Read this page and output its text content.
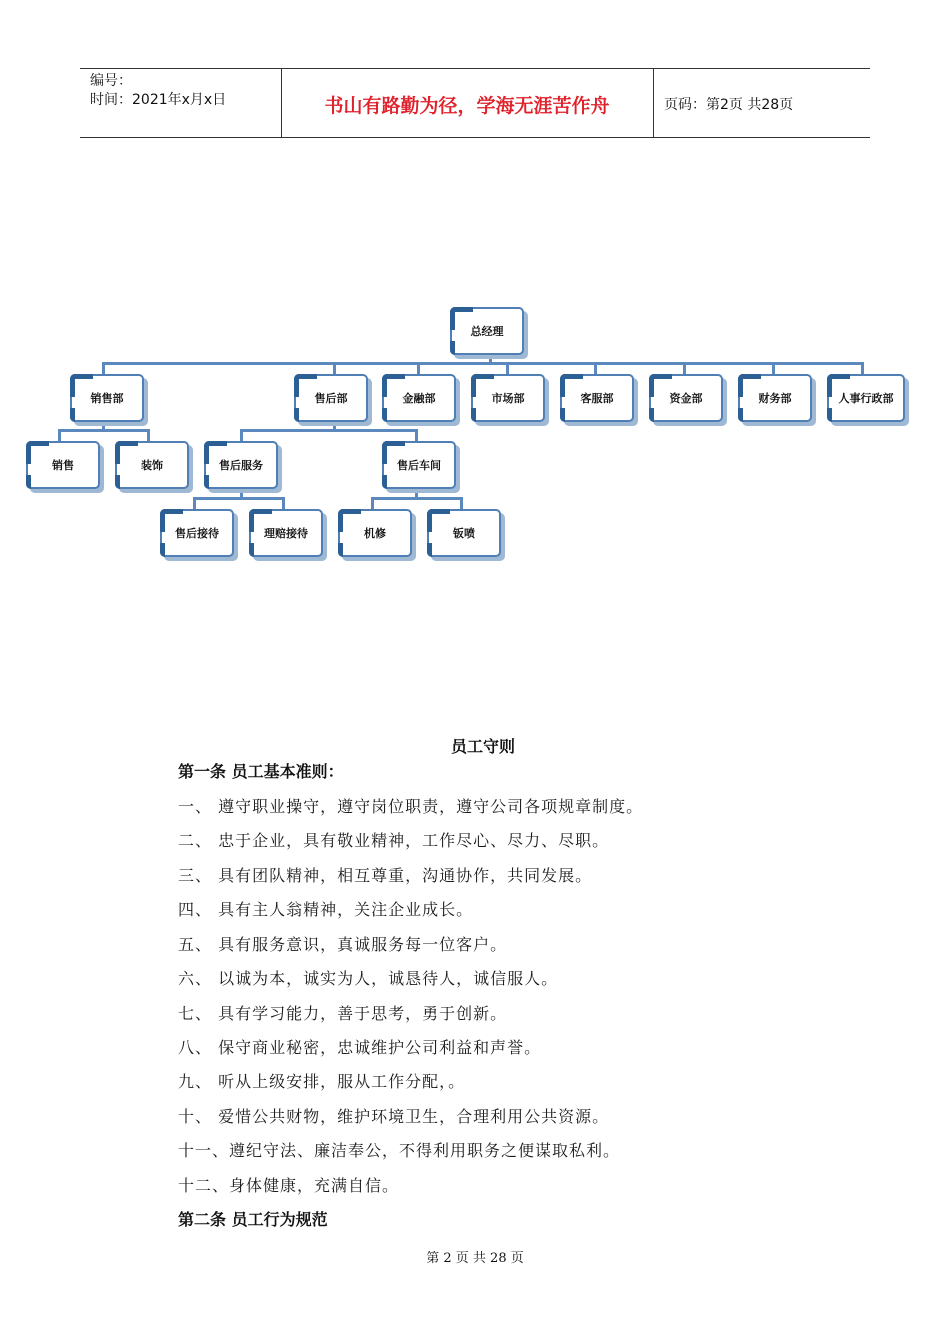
编号：
时间：2021年x月x日	书山有路勤为径，学海无涯苦作舟	页码：第2页 共28页
总经理
销售部	售后部	金融部	市场部	客服部	资金部	财务部	人事行政部
销售	装饰	售后服务	售后车间
售后接待	理赔接待	机修	钣喷
员工守则
第一条 员工基本准则：
一、 遵守职业操守，遵守岗位职责，遵守公司各项规章制度。
二、 忠于企业，具有敬业精神，工作尽心、尽力、尽职。
三、 具有团队精神，相互尊重，沟通协作，共同发展。
四、 具有主人翁精神，关注企业成长。
五、 具有服务意识，真诚服务每一位客户。
六、 以诚为本，诚实为人，诚恳待人，诚信服人。
七、 具有学习能力，善于思考，勇于创新。
八、 保守商业秘密，忠诚维护公司利益和声誉。
九、 听从上级安排，服从工作分配，。
十、 爱惜公共财物，维护环境卫生，合理利用公共资源。
十一、遵纪守法、廉洁奉公，不得利用职务之便谋取私利。
十二、身体健康，充满自信。
第二条 员工行为规范
第 2 页 共 28 页
